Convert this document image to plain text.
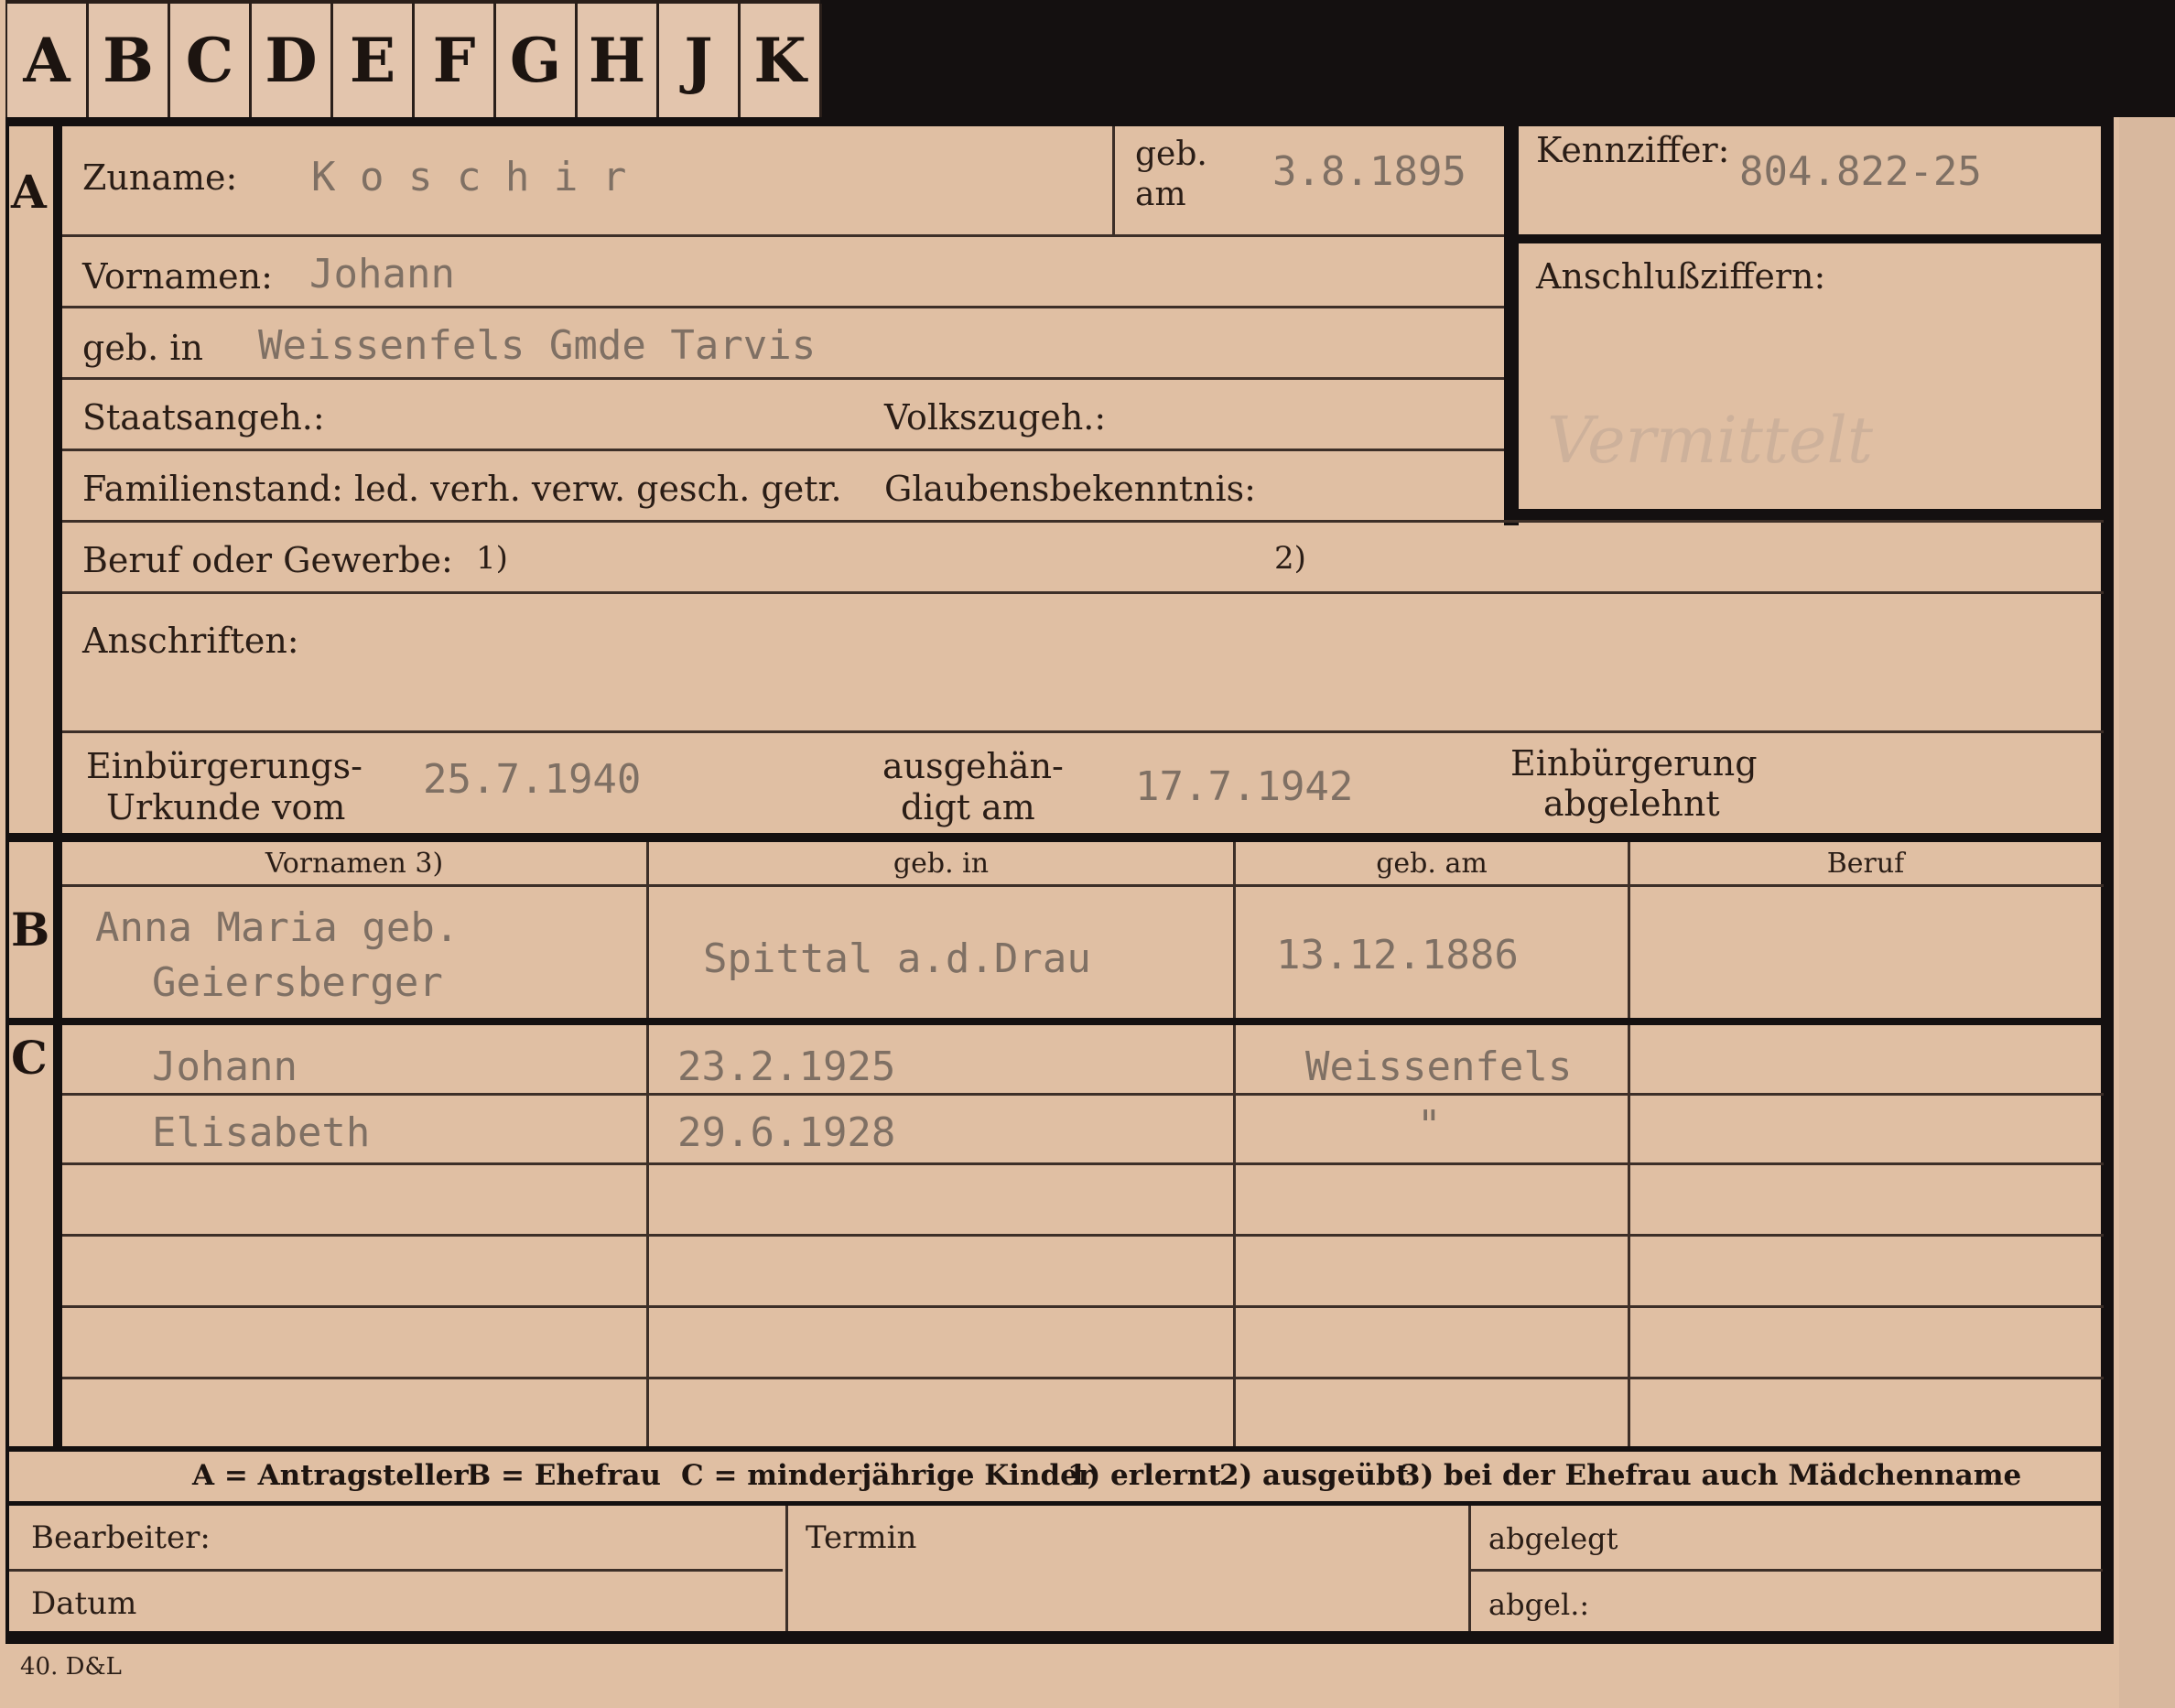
A B C D E F G H J K
A Zuname: K o s c h i r	geb.
am 3.8.1895 Kennziffer: 804.822-25
Anschlußziffern:
Vermittelt
Vornamen: Johann
geb. in Weissenfels Gmde Tarvis
Staatsangeh.:	Volkszugeh.:
Familienstand: led. verh. verw. gesch. getr. Glaubensbekenntnis:
Beruf oder Gewerbe: 1)	2)
Anschriften:
Einbürgerungs-
Urkunde vom
25.7.1940	ausgehän-
digt am 17.7.1942	Einbürgerung
abgelehnt
Vornamen 3)	geb. in	geb. am	Beruf
B Anna Maria geb.
Geiersberger
Spittal a.d.Drau	13.12.1886
C	Johann	23.2.1925	Weissenfels
Elisabeth	29.6.1928	"
A = Antragsteller
B = Ehefrau C = minderjährige Kinder
1) erlernt
2) ausgeübt
3) bei der Ehefrau auch Mädchenname
Bearbeiter:
Datum
Termin	abgelegt
abgel.:
40. D&L
